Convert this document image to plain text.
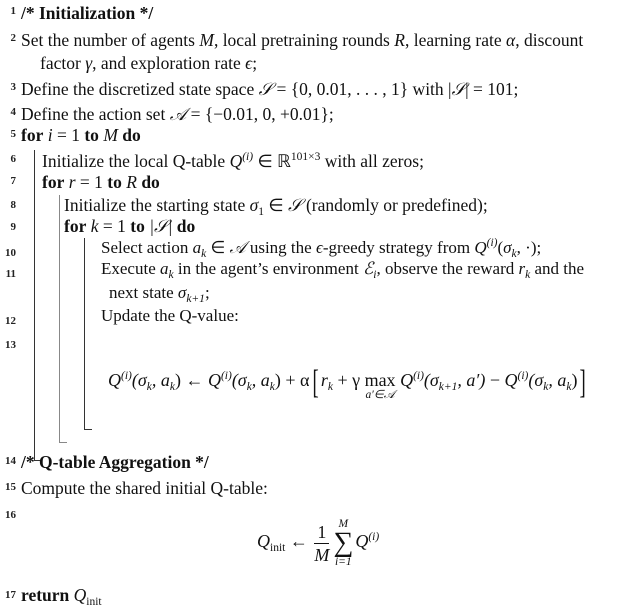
1
2
3
4
5
6
7
8
9
10
11
12
13
14
15
16
17
/* Initialization */
Set the number of agents M, local pretraining rounds R, learning rate α, discount
factor γ, and exploration rate ϵ;
Define the discretized state space 𝒮 = {0, 0.01, . . . , 1} with |𝒮| = 101;
Define the action set 𝒜 = {−0.01, 0, +0.01};
for i = 1 to M do
Initialize the local Q-table $Q^{(i)}$ ∈ ℝ$^{101\times 3}$ with all zeros;
for r = 1 to R do
Initialize the starting state $\sigma_1$ ∈ 𝒮 (randomly or predefined);
for k = 1 to |𝒮| do
Select action $a_k$ ∈ 𝒜 using the ϵ-greedy strategy from $Q^{(i)}(\sigma_k$, ·);
Execute $a_k$ in the agent’s environment ℰ$_i$, observe the reward $r_k$ and the
next state $\sigma_{k+1}$;
Update the Q-value:
$Q^{(i)}(\sigma_k$, $a_k$) ← $Q^{(i)}(\sigma_k$, $a_k) + \alpha$[ $r_k + \gamma$ max
a′∈𝒜
$Q^{(i)}(\sigma_{k+1}$, $a') - Q^{(i)}(\sigma_k$, $a_k$)]
/* Q-table Aggregation */
Compute the shared initial Q-table:
$Q_{init}$ ← $\frac{1}{M}$ M
∑
i=1
$Q^{(i)}$
return $Q_{init}$
